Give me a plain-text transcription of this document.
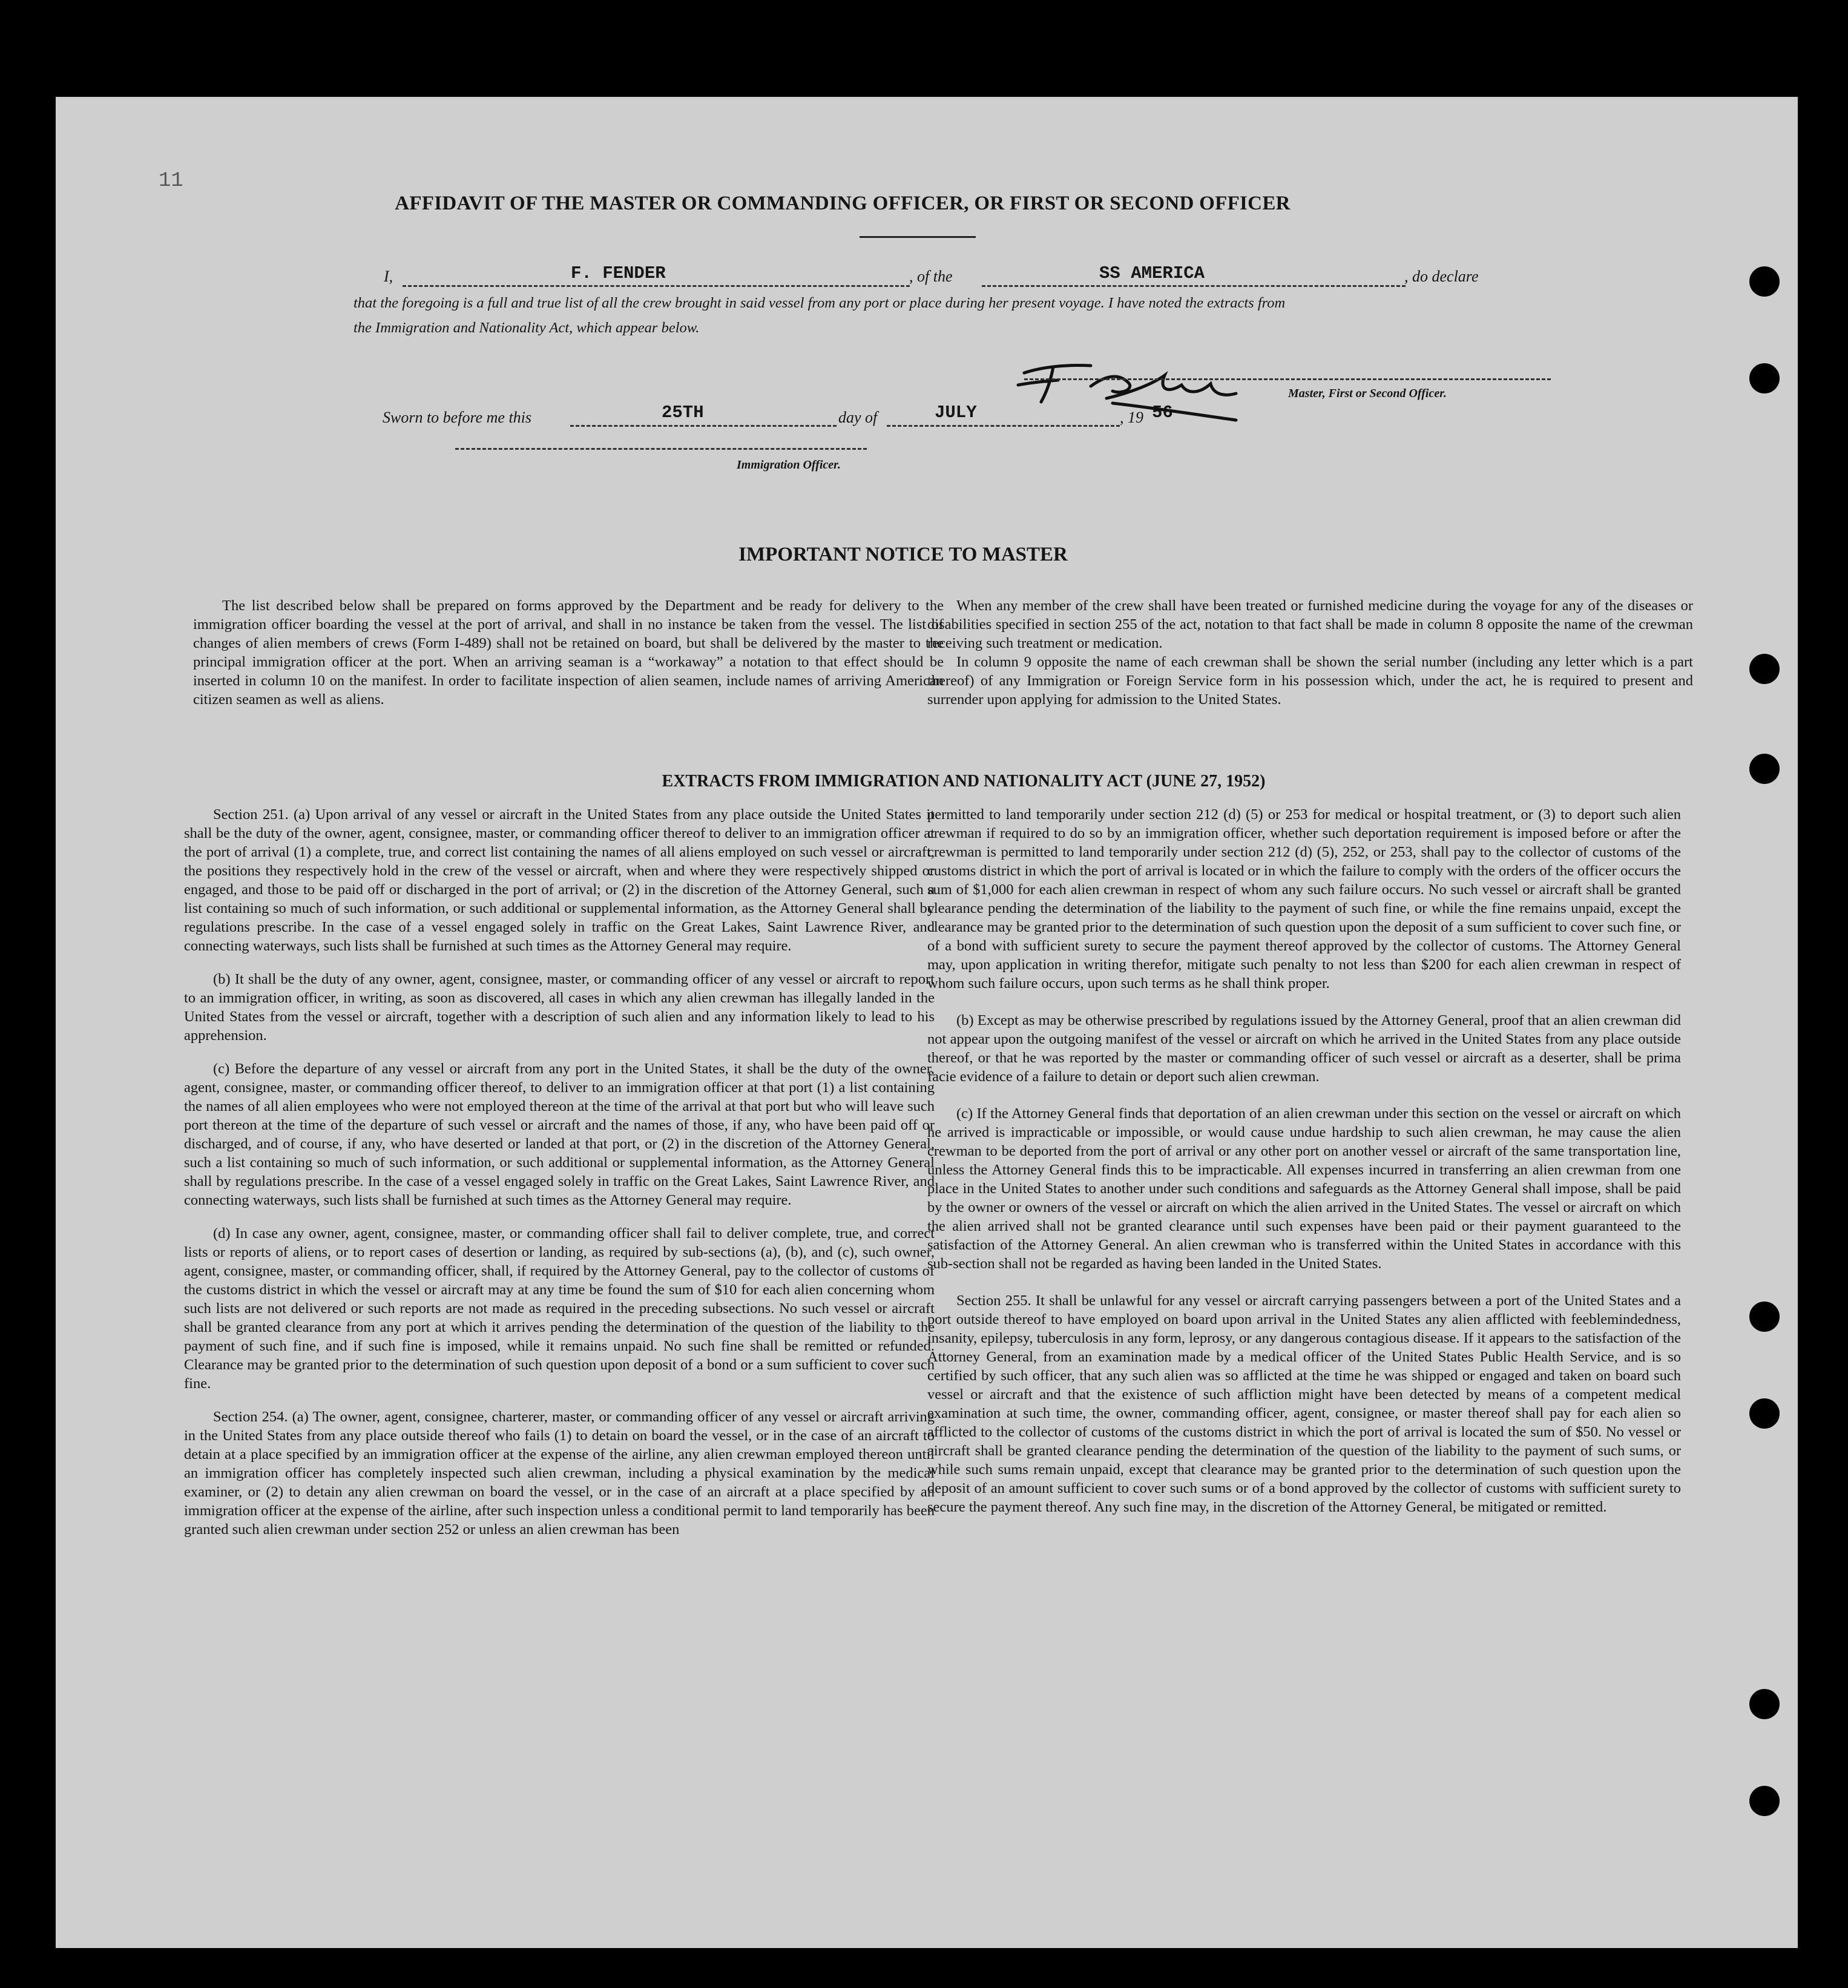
11
AFFIDAVIT OF THE MASTER OR COMMANDING OFFICER, OR FIRST OR SECOND OFFICER
I,	F. FENDER	, of the	SS AMERICA	, do declare
that the foregoing is a full and true list of all the crew brought in said vessel from any port or place during her present voyage. I have noted the extracts from
the Immigration and Nationality Act, which appear below.
Master, First or Second Officer.
Sworn to before me this	25TH	day of	JULY	, 19 56
Immigration Officer.
IMPORTANT NOTICE TO MASTER

The list described below shall be prepared on forms approved by the Department and be ready for delivery to the immigration officer boarding the vessel at the port of arrival, and shall in no instance be taken from the vessel. The list of changes of alien members of crews (Form I-489) shall not be retained on board, but shall be delivered by the master to the principal immigration officer at the port. When an arriving seaman is a “workaway” a notation to that effect should be inserted in column 10 on the manifest. In order to facilitate inspection of alien seamen, include names of arriving American citizen seamen as well as aliens.

When any member of the crew shall have been treated or furnished medicine during the voyage for any of the diseases or disabilities specified in section 255 of the act, notation to that fact shall be made in column 8 opposite the name of the crewman receiving such treatment or medication.

In column 9 opposite the name of each crewman shall be shown the serial number (including any letter which is a part thereof) of any Immigration or Foreign Service form in his possession which, under the act, he is required to present and surrender upon applying for admission to the United States.

EXTRACTS FROM IMMIGRATION AND NATIONALITY ACT (JUNE 27, 1952)

Section 251. (a) Upon arrival of any vessel or aircraft in the United States from any place outside the United States it shall be the duty of the owner, agent, consignee, master, or commanding officer thereof to deliver to an immigration officer at the port of arrival (1) a complete, true, and correct list containing the names of all aliens employed on such vessel or aircraft, the positions they respectively hold in the crew of the vessel or aircraft, when and where they were respectively shipped or engaged, and those to be paid off or discharged in the port of arrival; or (2) in the discretion of the Attorney General, such a list containing so much of such information, or such additional or supplemental information, as the Attorney General shall by regulations prescribe. In the case of a vessel engaged solely in traffic on the Great Lakes, Saint Lawrence River, and connecting waterways, such lists shall be furnished at such times as the Attorney General may require.

(b) It shall be the duty of any owner, agent, consignee, master, or commanding officer of any vessel or aircraft to report to an immigration officer, in writing, as soon as discovered, all cases in which any alien crewman has illegally landed in the United States from the vessel or aircraft, together with a description of such alien and any information likely to lead to his apprehension.

(c) Before the departure of any vessel or aircraft from any port in the United States, it shall be the duty of the owner, agent, consignee, master, or commanding officer thereof, to deliver to an immigration officer at that port (1) a list containing the names of all alien employees who were not employed thereon at the time of the arrival at that port but who will leave such port thereon at the time of the departure of such vessel or aircraft and the names of those, if any, who have been paid off or discharged, and of course, if any, who have deserted or landed at that port, or (2) in the discretion of the Attorney General, such a list containing so much of such information, or such additional or supplemental information, as the Attorney General shall by regulations prescribe. In the case of a vessel engaged solely in traffic on the Great Lakes, Saint Lawrence River, and connecting waterways, such lists shall be furnished at such times as the Attorney General may require.

(d) In case any owner, agent, consignee, master, or commanding officer shall fail to deliver complete, true, and correct lists or reports of aliens, or to report cases of desertion or landing, as required by sub-sections (a), (b), and (c), such owner, agent, consignee, master, or commanding officer, shall, if required by the Attorney General, pay to the collector of customs of the customs district in which the vessel or aircraft may at any time be found the sum of $10 for each alien concerning whom such lists are not delivered or such reports are not made as required in the preceding subsections. No such vessel or aircraft shall be granted clearance from any port at which it arrives pending the determination of the question of the liability to the payment of such fine, and if such fine is imposed, while it remains unpaid. No such fine shall be remitted or refunded. Clearance may be granted prior to the determination of such question upon deposit of a bond or a sum sufficient to cover such fine.

Section 254. (a) The owner, agent, consignee, charterer, master, or commanding officer of any vessel or aircraft arriving in the United States from any place outside thereof who fails (1) to detain on board the vessel, or in the case of an aircraft to detain at a place specified by an immigration officer at the expense of the airline, any alien crewman employed thereon until an immigration officer has completely inspected such alien crewman, including a physical examination by the medical examiner, or (2) to detain any alien crewman on board the vessel, or in the case of an aircraft at a place specified by an immigration officer at the expense of the airline, after such inspection unless a conditional permit to land temporarily has been granted such alien crewman under section 252 or unless an alien crewman has been

permitted to land temporarily under section 212 (d) (5) or 253 for medical or hospital treatment, or (3) to deport such alien crewman if required to do so by an immigration officer, whether such deportation requirement is imposed before or after the crewman is permitted to land temporarily under section 212 (d) (5), 252, or 253, shall pay to the collector of customs of the customs district in which the port of arrival is located or in which the failure to comply with the orders of the officer occurs the sum of $1,000 for each alien crewman in respect of whom any such failure occurs. No such vessel or aircraft shall be granted clearance pending the determination of the liability to the payment of such fine, or while the fine remains unpaid, except the clearance may be granted prior to the determination of such question upon the deposit of a sum sufficient to cover such fine, or of a bond with sufficient surety to secure the payment thereof approved by the collector of customs. The Attorney General may, upon application in writing therefor, mitigate such penalty to not less than $200 for each alien crewman in respect of whom such failure occurs, upon such terms as he shall think proper.

(b) Except as may be otherwise prescribed by regulations issued by the Attorney General, proof that an alien crewman did not appear upon the outgoing manifest of the vessel or aircraft on which he arrived in the United States from any place outside thereof, or that he was reported by the master or commanding officer of such vessel or aircraft as a deserter, shall be prima facie evidence of a failure to detain or deport such alien crewman.

(c) If the Attorney General finds that deportation of an alien crewman under this section on the vessel or aircraft on which he arrived is impracticable or impossible, or would cause undue hardship to such alien crewman, he may cause the alien crewman to be deported from the port of arrival or any other port on another vessel or aircraft of the same transportation line, unless the Attorney General finds this to be impracticable. All expenses incurred in transferring an alien crewman from one place in the United States to another under such conditions and safeguards as the Attorney General shall impose, shall be paid by the owner or owners of the vessel or aircraft on which the alien arrived in the United States. The vessel or aircraft on which the alien arrived shall not be granted clearance until such expenses have been paid or their payment guaranteed to the satisfaction of the Attorney General. An alien crewman who is transferred within the United States in accordance with this sub-section shall not be regarded as having been landed in the United States.

Section 255. It shall be unlawful for any vessel or aircraft carrying passengers between a port of the United States and a port outside thereof to have employed on board upon arrival in the United States any alien afflicted with feeblemindedness, insanity, epilepsy, tuberculosis in any form, leprosy, or any dangerous contagious disease. If it appears to the satisfaction of the Attorney General, from an examination made by a medical officer of the United States Public Health Service, and is so certified by such officer, that any such alien was so afflicted at the time he was shipped or engaged and taken on board such vessel or aircraft and that the existence of such affliction might have been detected by means of a competent medical examination at such time, the owner, commanding officer, agent, consignee, or master thereof shall pay for each alien so afflicted to the collector of customs of the customs district in which the port of arrival is located the sum of $50. No vessel or aircraft shall be granted clearance pending the determination of the question of the liability to the payment of such sums, or while such sums remain unpaid, except that clearance may be granted prior to the determination of such question upon the deposit of an amount sufficient to cover such sums or of a bond approved by the collector of customs with sufficient surety to secure the payment thereof. Any such fine may, in the discretion of the Attorney General, be mitigated or remitted.
